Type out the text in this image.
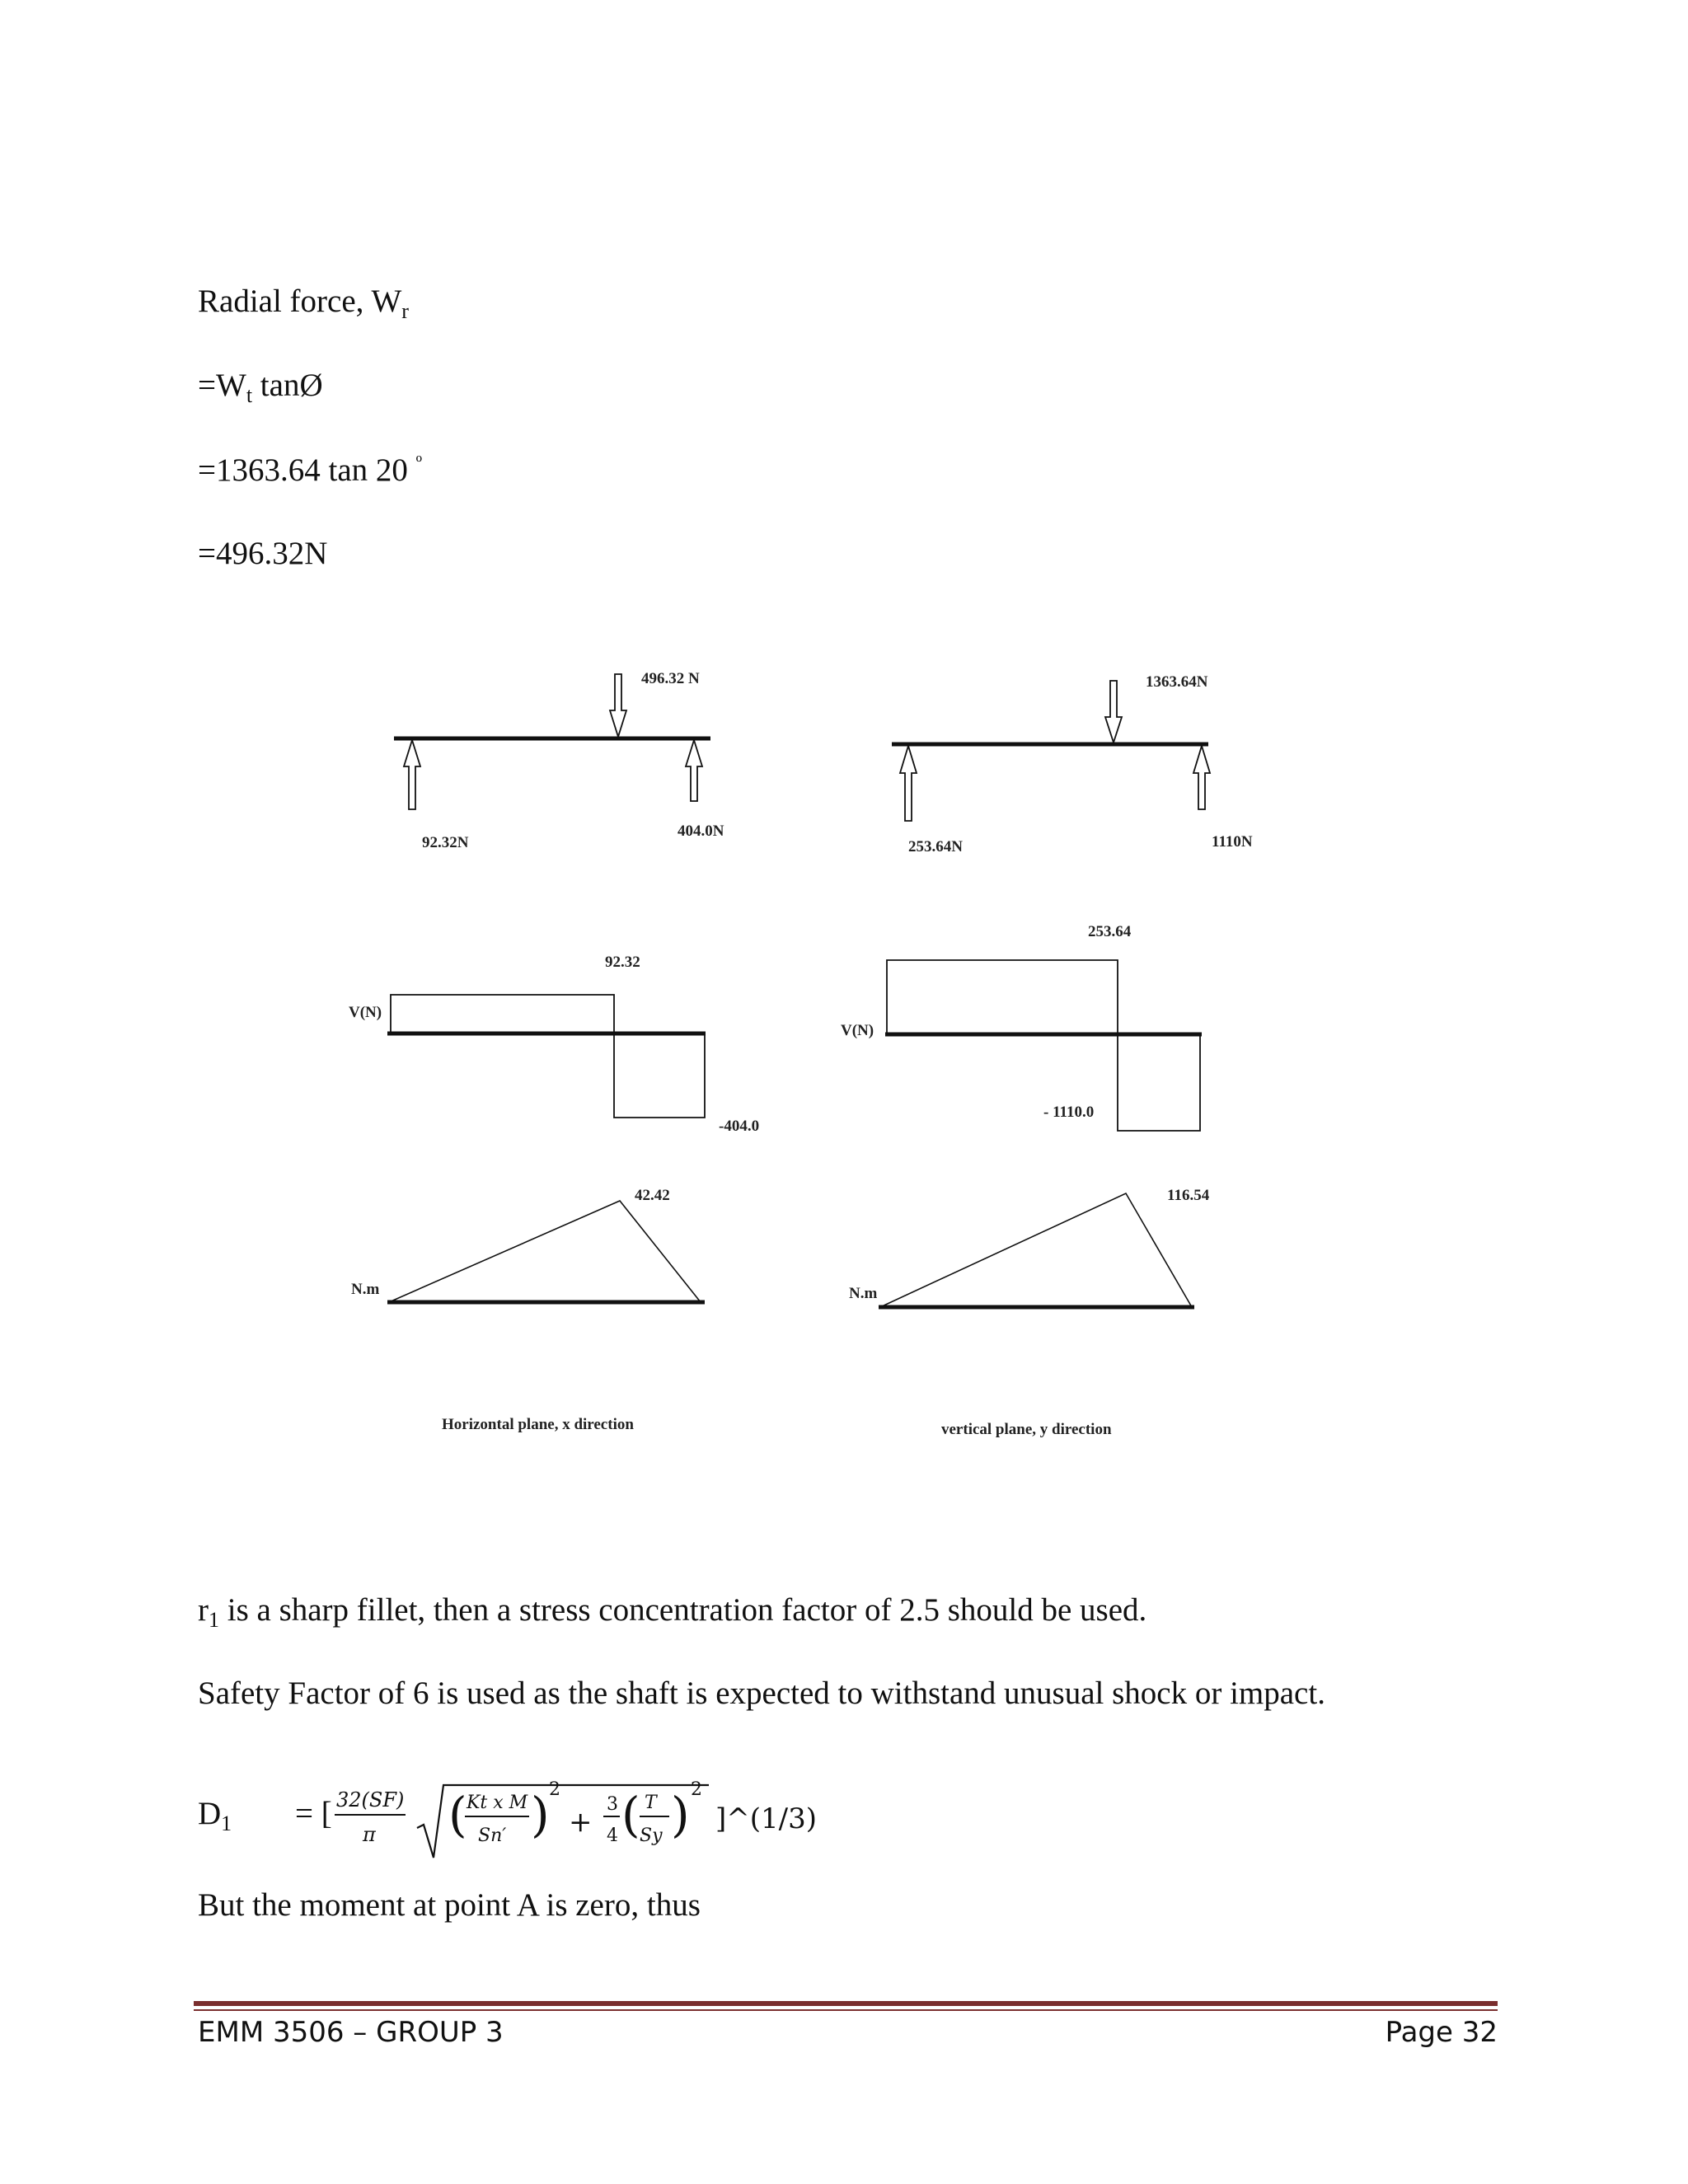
Radial force, $W_r$
$=W_t$ tanØ
=1363.64 tan 20 $^º$
=496.32N
496.32 N
92.32N
404.0N
V(N)
92.32
-404.0
N.m
42.42
Horizontal plane, x direction
1363.64N
253.64N	1110N
253.64
V(N)
- 1110.0
N.m
116.54
vertical plane, y direction
$r_1$ is a sharp fillet, then a stress concentration factor of 2.5 should be used.
Safety Factor of 6 is used as the shaft is expected to withstand unusual shock or impact.
$D_1$ = [ 32(SF)
π ( Kt x M
Sn′ ) 2
+
3
4 ( T
Sy ) 2
]^(1/3)
But the moment at point A is zero, thus
EMM 3506 – GROUP 3	Page 32
